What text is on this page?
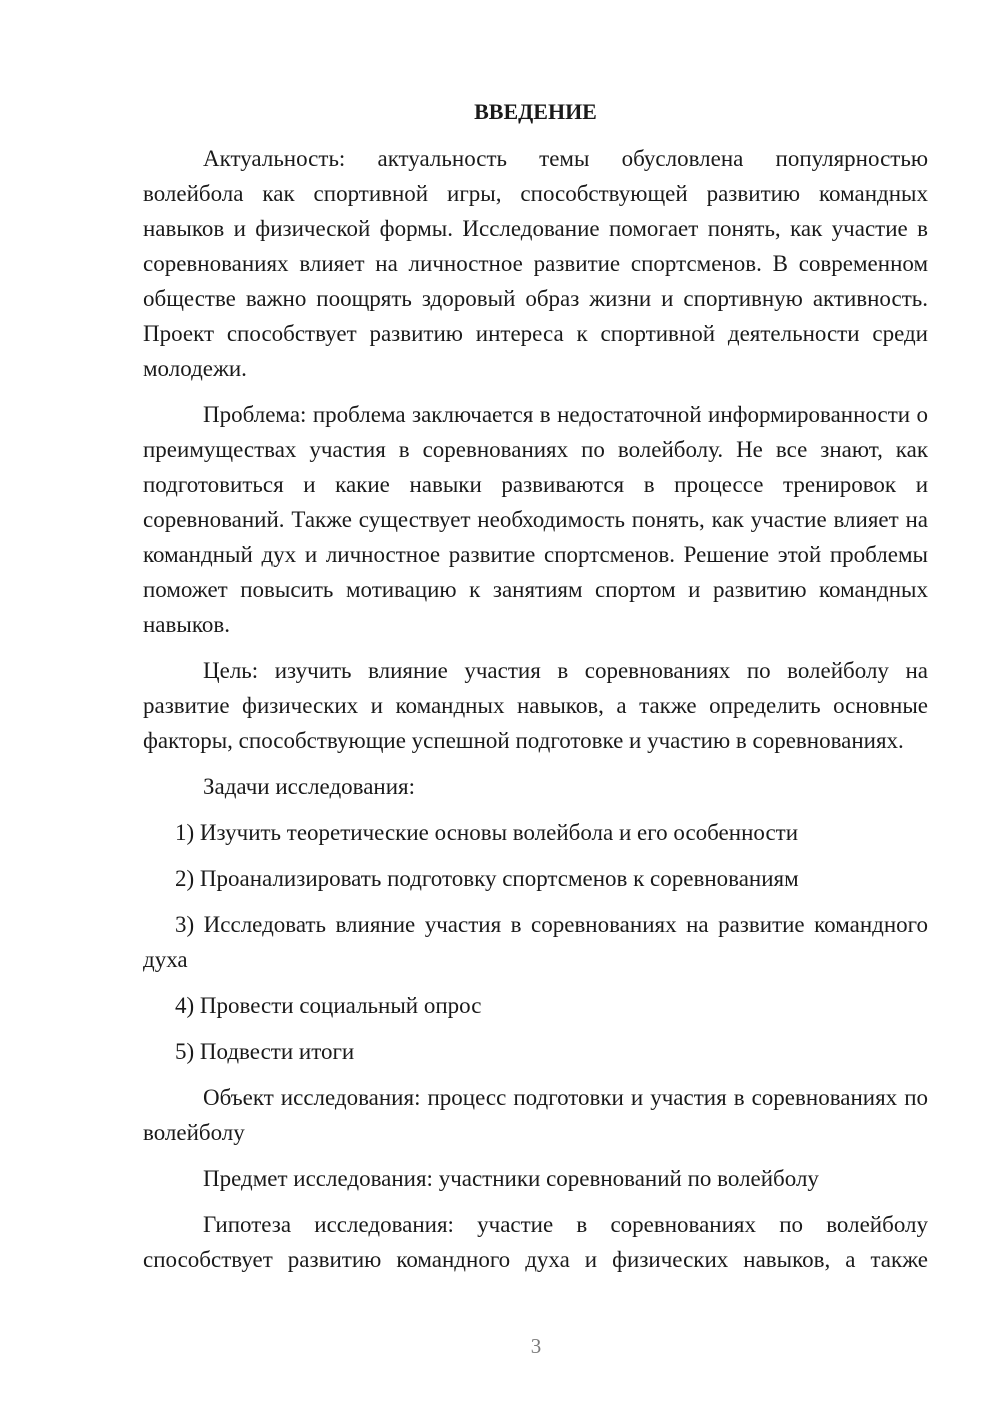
ВВЕДЕНИЕ

Актуальность: актуальность темы обусловлена популярностью волейбола как спортивной игры, способствующей развитию командных навыков и физической формы. Исследование помогает понять, как участие в соревнованиях влияет на личностное развитие спортсменов. В современном обществе важно поощрять здоровый образ жизни и спортивную активность. Проект способствует развитию интереса к спортивной деятельности среди молодежи.

Проблема: проблема заключается в недостаточной информированности о преимуществах участия в соревнованиях по волейболу. Не все знают, как подготовиться и какие навыки развиваются в процессе тренировок и соревнований. Также существует необходимость понять, как участие влияет на командный дух и личностное развитие спортсменов. Решение этой проблемы поможет повысить мотивацию к занятиям спортом и развитию командных навыков.

Цель: изучить влияние участия в соревнованиях по волейболу на развитие физических и командных навыков, а также определить основные факторы, способствующие успешной подготовке и участию в соревнованиях.

Задачи исследования:

1) Изучить теоретические основы волейбола и его особенности

2) Проанализировать подготовку спортсменов к соревнованиям

3) Исследовать влияние участия в соревнованиях на развитие командного духа

4) Провести социальный опрос

5) Подвести итоги

Объект исследования: процесс подготовки и участия в соревнованиях по волейболу

Предмет исследования: участники соревнований по волейболу

Гипотеза исследования: участие в соревнованиях по волейболу способствует развитию командного духа и физических навыков, а также

3
